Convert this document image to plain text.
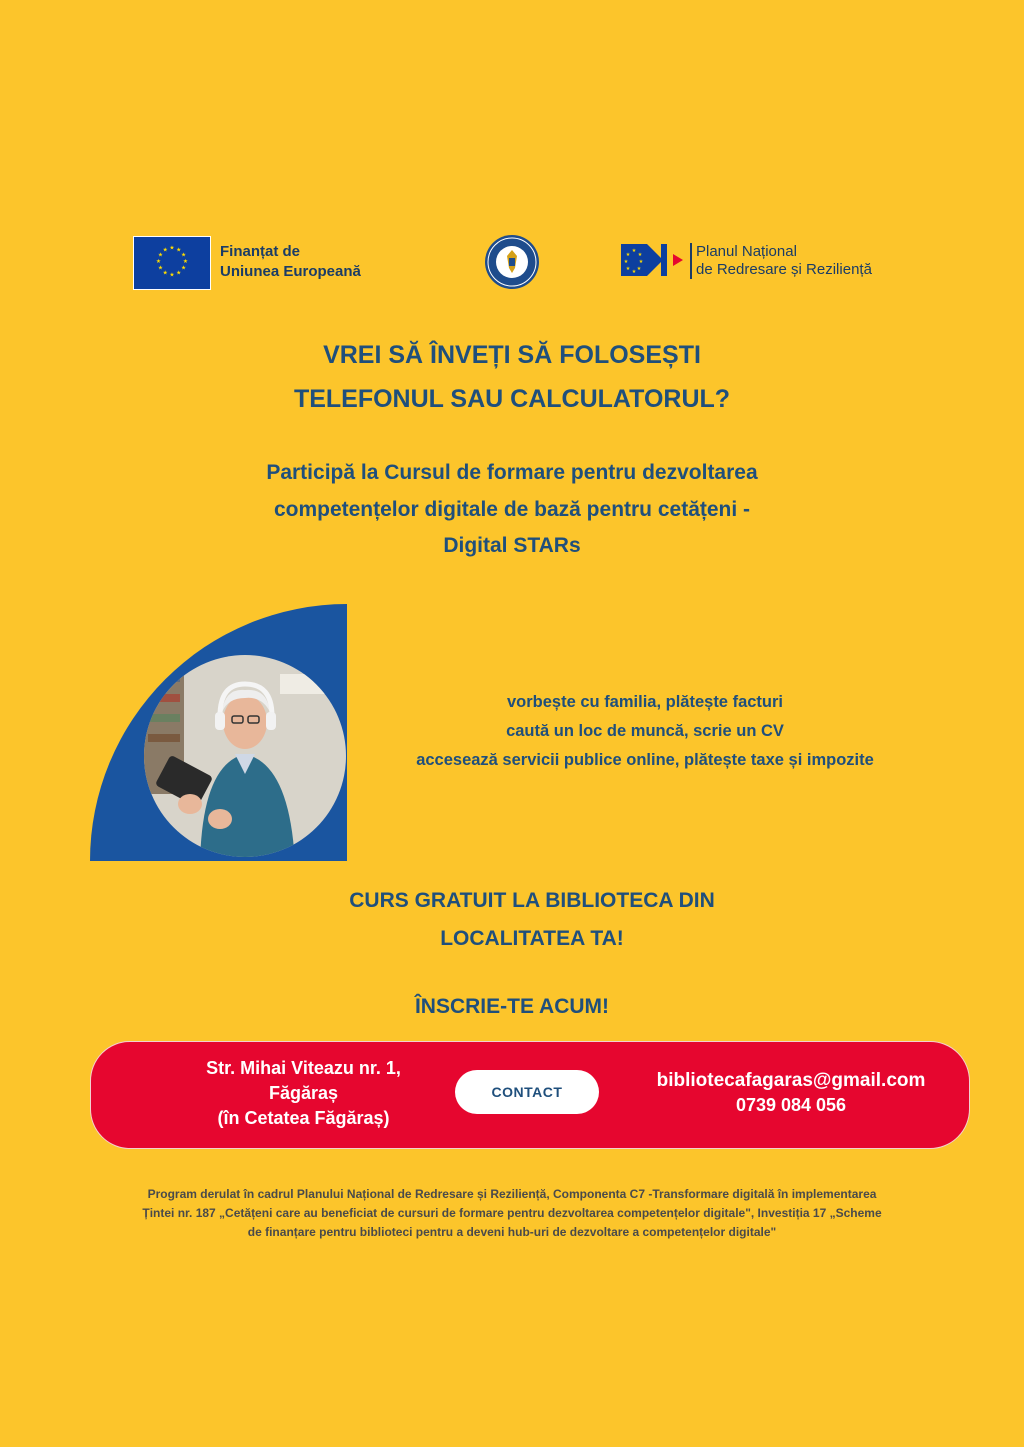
★ ★
★
★
★
★
★
★
★
★
★
★	Finanțat de
Uniunea Europeană
★
★
★
★
★
★
★
★	Planul Național
de Redresare și Reziliență
VREI SĂ ÎNVEȚI SĂ FOLOSEȘTI
TELEFONUL SAU CALCULATORUL?
Participă la Cursul de formare pentru dezvoltarea
competențelor digitale de bază pentru cetățeni -
Digital STARs
vorbește cu familia, plătește facturi
caută un loc de muncă, scrie un CV
accesează servicii publice online, plătește taxe și impozite
CURS GRATUIT LA BIBLIOTECA DIN
LOCALITATEA TA!
ÎNSCRIE-TE ACUM!
Str. Mihai Viteazu nr. 1,
Făgăraș
(în Cetatea Făgăraș)
CONTACT
bibliotecafagaras@gmail.com
0739 084 056
Program derulat în cadrul Planului Național de Redresare și Reziliență, Componenta C7 -Transformare digitală în implementarea
Țintei nr. 187 „Cetățeni care au beneficiat de cursuri de formare pentru dezvoltarea competențelor digitale", Investiția 17 „Scheme
de finanțare pentru biblioteci pentru a deveni hub-uri de dezvoltare a competențelor digitale"
